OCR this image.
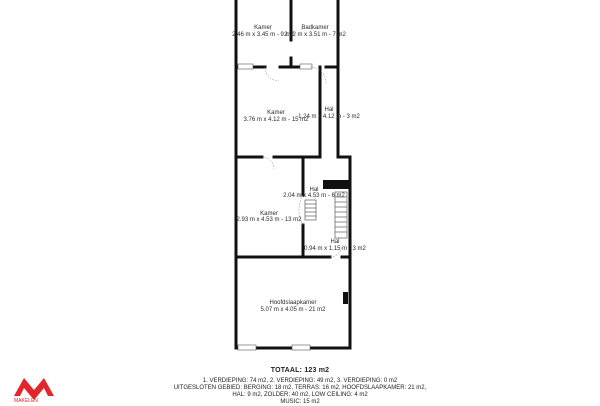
Kamer
2.46 m x 3.45 m - 9 m2
Badkamer
2.02 m x 3.51 m - 7 m2
Kamer
3.76 m x 4.12 m - 15 m2
Hal
1.24 m x 4.12 m - 3 m2
Hal
2.04 m x 4.53 m - 6 m2
Kamer
2.93 m x 4.53 m - 13 m2
Hal
0.94 m x 1.15 m - 3 m2
Hoofdslaapkamer
5.07 m x 4.05 m - 21 m2
TOTAAL: 123 m2
1. VERDIEPING: 74 m2, 2. VERDIEPING: 49 m2, 3. VERDIEPING: 0 m2
UITGESLOTEN GEBIED: BERGING: 18 m2, TERRAS: 16 m2, HOOFDSLAAPKAMER: 21 m2,
HAL: 9 m2, ZOLDER: 40 m2, LOW CEILING: 4 m2
MUSIC: 15 m2
MAKELEN
